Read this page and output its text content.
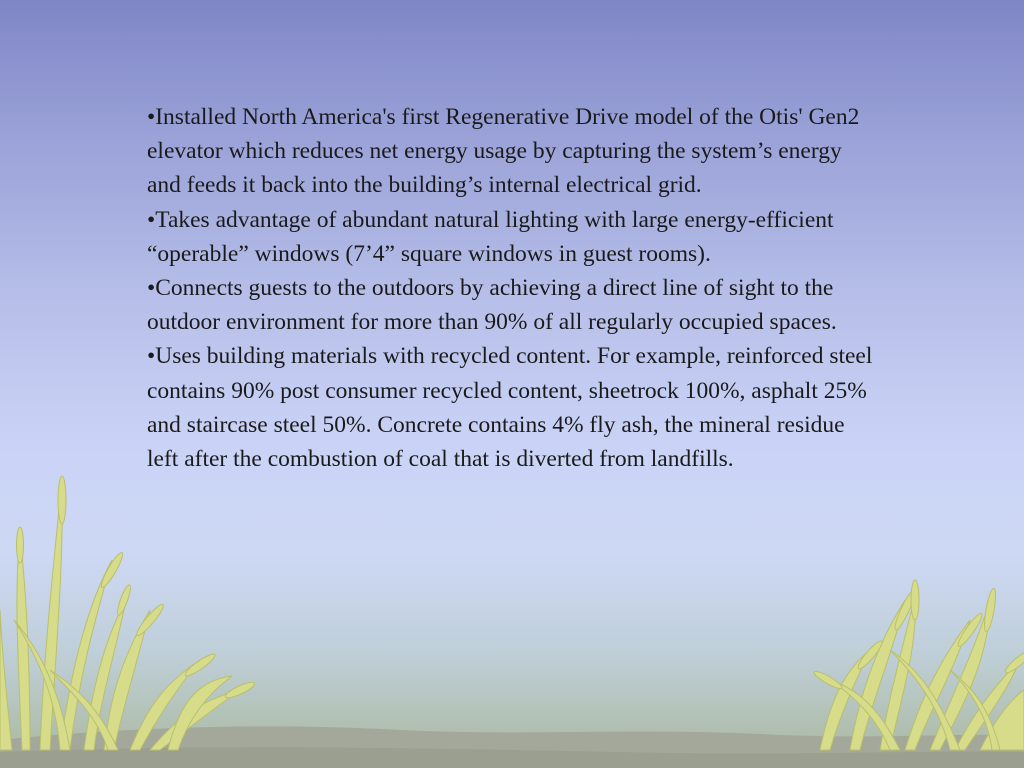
•Installed North America's first Regenerative Drive model of the Otis' Gen2 elevator which reduces net energy usage by capturing the system’s energy and feeds it back into the building’s internal electrical grid.

•Takes advantage of abundant natural lighting with large energy-efficient “operable” windows (7’4” square windows in guest rooms).

•Connects guests to the outdoors by achieving a direct line of sight to the outdoor environment for more than 90% of all regularly occupied spaces.

•Uses building materials with recycled content. For example, reinforced steel contains 90% post consumer recycled content, sheetrock 100%, asphalt 25% and staircase steel 50%. Concrete contains 4% fly ash, the mineral residue left after the combustion of coal that is diverted from landfills.
